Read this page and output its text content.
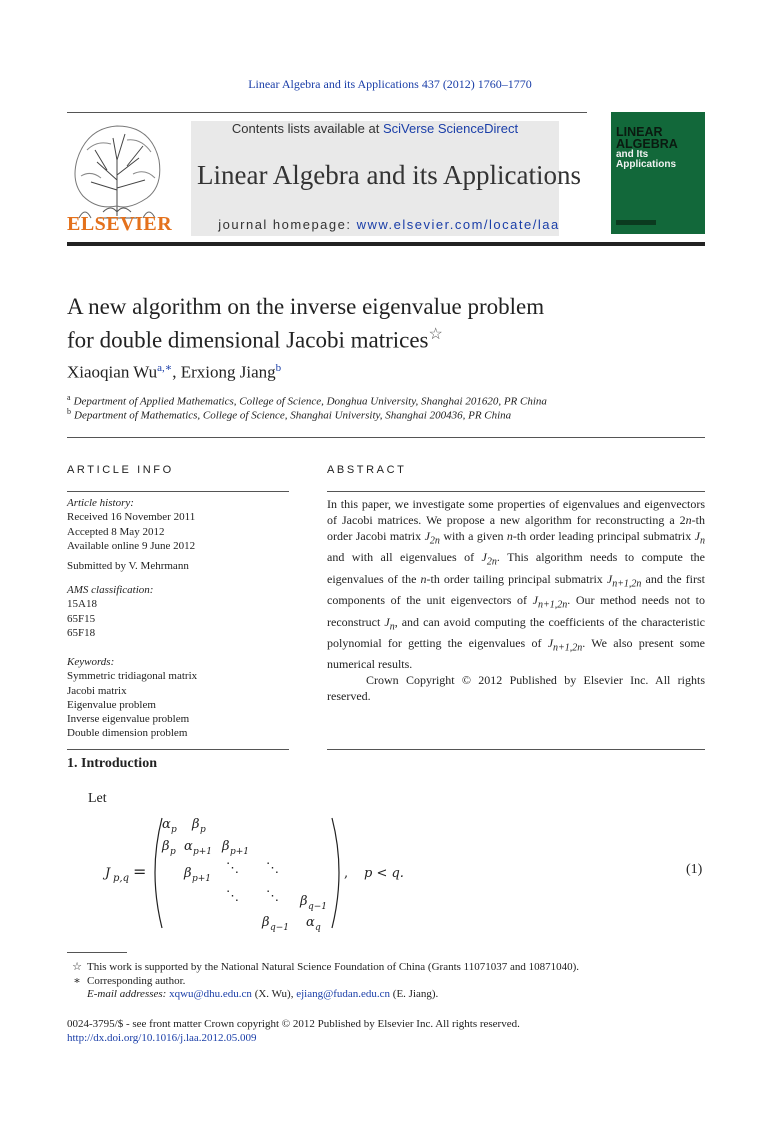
Linear Algebra and its Applications 437 (2012) 1760–1770
ELSEVIER
Contents lists available at SciVerse ScienceDirect
Linear Algebra and its Applications
journal homepage: www.elsevier.com/locate/laa
LINEAR
ALGEBRA
and Its
Applications
A new algorithm on the inverse eigenvalue problem
for double dimensional Jacobi matrices☆
Xiaoqian $Wu^{a,∗}$, Erxiong Jiang$^b$
$^a$ Department of Applied Mathematics, College of Science, Donghua University, Shanghai 201620, PR China
$^b$ Department of Mathematics, College of Science, Shanghai University, Shanghai 200436, PR China
ARTICLE INFO
Article history:
Received 16 November 2011
Accepted 8 May 2012
Available online 9 June 2012
Submitted by V. Mehrmann
AMS classification:
15A18
65F15
65F18
Keywords:
Symmetric tridiagonal matrix
Jacobi matrix
Eigenvalue problem
Inverse eigenvalue problem
Double dimension problem
ABSTRACT
In this paper, we investigate some properties of eigenvalues and eigenvectors of Jacobi matrices. We propose a new algorithm for reconstructing a 2n-th order Jacobi matrix $J_{2n}$ with a given n-th order leading principal submatrix $J_n$ and with all eigenvalues of $J_{2n}$. This algorithm needs to compute the eigenvalues of the n-th order tailing principal submatrix $J_{n+1,2n}$ and the first components of the unit eigenvectors of $J_{n+1,2n}$. Our method needs not to reconstruct $J_n$, and can avoid computing the coefficients of the characteristic polynomial for getting the eigenvalues of $J_{n+1,2n}$. We also present some numerical results.
Crown Copyright © 2012 Published by Elsevier Inc. All rights reserved.
1. Introduction
Let
J p,q =
α p β p
β p α p+1 β p+1
β p+1
⋱ ⋱
⋱ ⋱ β q−1
β q−1 α q
, p < q.	(1)
☆ This work is supported by the National Natural Science Foundation of China (Grants 11071037 and 10871040).
∗ Corresponding author.
E-mail addresses: xqwu@dhu.edu.cn (X. Wu), ejiang@fudan.edu.cn (E. Jiang).
0024-3795/$ - see front matter Crown copyright © 2012 Published by Elsevier Inc. All rights reserved.
http://dx.doi.org/10.1016/j.laa.2012.05.009
